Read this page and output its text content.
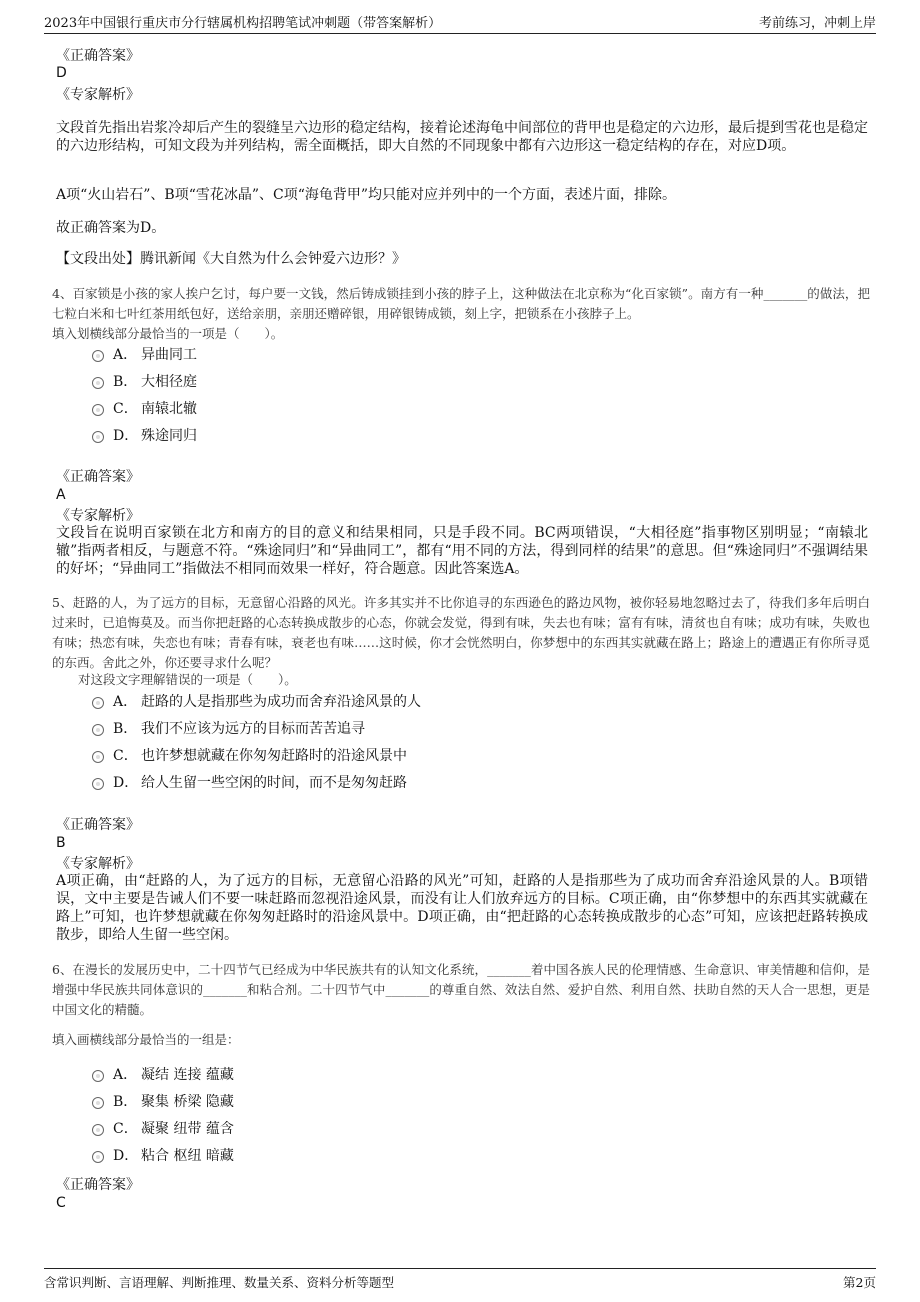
2023年中国银行重庆市分行辖属机构招聘笔试冲刺题（带答案解析）	考前练习，冲刺上岸
《正确答案》
D
《专家解析》
文段首先指出岩浆冷却后产生的裂缝呈六边形的稳定结构，接着论述海龟中间部位的背甲也是稳定的六边形，最后提到雪花也是稳定的六边形结构，可知文段为并列结构，需全面概括，即大自然的不同现象中都有六边形这一稳定结构的存在，对应D项。
A项“火山岩石”、B项“雪花冰晶”、C项“海龟背甲”均只能对应并列中的一个方面，表述片面，排除。
故正确答案为D。
【文段出处】腾讯新闻《大自然为什么会钟爱六边形？》
4、百家锁是小孩的家人挨户乞讨，每户要一文钱，然后铸成锁挂到小孩的脖子上，这种做法在北京称为“化百家锁”。南方有一种_______的做法，把七粒白米和七叶红茶用纸包好，送给亲朋，亲朋还赠碎银，用碎银铸成锁，刻上字，把锁系在小孩脖子上。
填入划横线部分最恰当的一项是（　　）。
A． 异曲同工
B． 大相径庭
C． 南辕北辙
D． 殊途同归
《正确答案》
A
《专家解析》
文段旨在说明百家锁在北方和南方的目的意义和结果相同，只是手段不同。BC两项错误，“大相径庭”指事物区别明显；“南辕北辙”指两者相反，与题意不符。“殊途同归”和“异曲同工”，都有“用不同的方法，得到同样的结果”的意思。但“殊途同归”不强调结果的好坏；“异曲同工”指做法不相同而效果一样好，符合题意。因此答案选A。
5、赶路的人，为了远方的目标，无意留心沿路的风光。许多其实并不比你追寻的东西逊色的路边风物，被你轻易地忽略过去了，待我们多年后明白过来时，已追悔莫及。而当你把赶路的心态转换成散步的心态，你就会发觉，得到有味，失去也有味；富有有味，清贫也自有味；成功有味，失败也有味；热恋有味，失恋也有味；青春有味，衰老也有味……这时候，你才会恍然明白，你梦想中的东西其实就藏在路上；路途上的遭遇正有你所寻觅的东西。舍此之外，你还要寻求什么呢？
对这段文字理解错误的一项是（　　）。
A． 赶路的人是指那些为成功而舍弃沿途风景的人
B． 我们不应该为远方的目标而苦苦追寻
C． 也许梦想就藏在你匆匆赶路时的沿途风景中
D． 给人生留一些空闲的时间，而不是匆匆赶路
《正确答案》
B
《专家解析》
A项正确，由“赶路的人，为了远方的目标，无意留心沿路的风光”可知，赶路的人是指那些为了成功而舍弃沿途风景的人。B项错误，文中主要是告诫人们不要一味赶路而忽视沿途风景，而没有让人们放弃远方的目标。C项正确，由“你梦想中的东西其实就藏在路上”可知，也许梦想就藏在你匆匆赶路时的沿途风景中。D项正确，由“把赶路的心态转换成散步的心态”可知，应该把赶路转换成散步，即给人生留一些空闲。
6、在漫长的发展历史中，二十四节气已经成为中华民族共有的认知文化系统，_______着中国各族人民的伦理情感、生命意识、审美情趣和信仰，是增强中华民族共同体意识的_______和粘合剂。二十四节气中_______的尊重自然、效法自然、爱护自然、利用自然、扶助自然的天人合一思想，更是中国文化的精髓。
填入画横线部分最恰当的一组是：
A． 凝结 连接 蕴藏
B． 聚集 桥梁 隐藏
C． 凝聚 纽带 蕴含
D． 粘合 枢纽 暗藏
《正确答案》
C
含常识判断、言语理解、判断推理、数量关系、资料分析等题型	第2页
